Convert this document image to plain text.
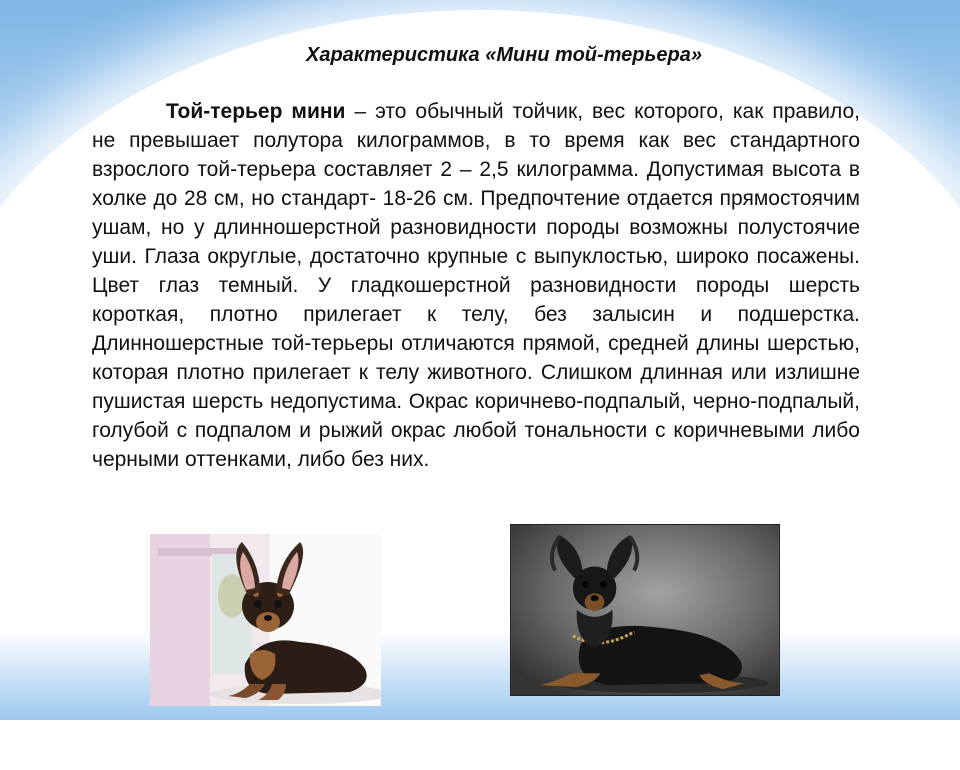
Характеристика «Мини той-терьера»

Той-терьер мини – это обычный тойчик, вес которого, как правило, не превышает полутора килограммов, в то время как вес стандартного взрослого той-терьера составляет 2 – 2,5 килограмма. Допустимая высота в холке до 28 см, но стандарт- 18-26 см. Предпочтение отдается прямостоячим ушам, но у длинношерстной разновидности породы возможны полустоячие уши. Глаза округлые, достаточно крупные с выпуклостью, широко посажены. Цвет глаз темный. У гладкошерстной разновидности породы шерсть короткая, плотно прилегает к телу, без залысин и подшерстка. Длинношерстные той-терьеры отличаются прямой, средней длины шерстью, которая плотно прилегает к телу животного. Слишком длинная или излишне пушистая шерсть недопустима. Окрас коричнево-подпалый, черно-подпалый, голубой с подпалом и рыжий окрас любой тональности с коричневыми либо черными оттенками, либо без них.
